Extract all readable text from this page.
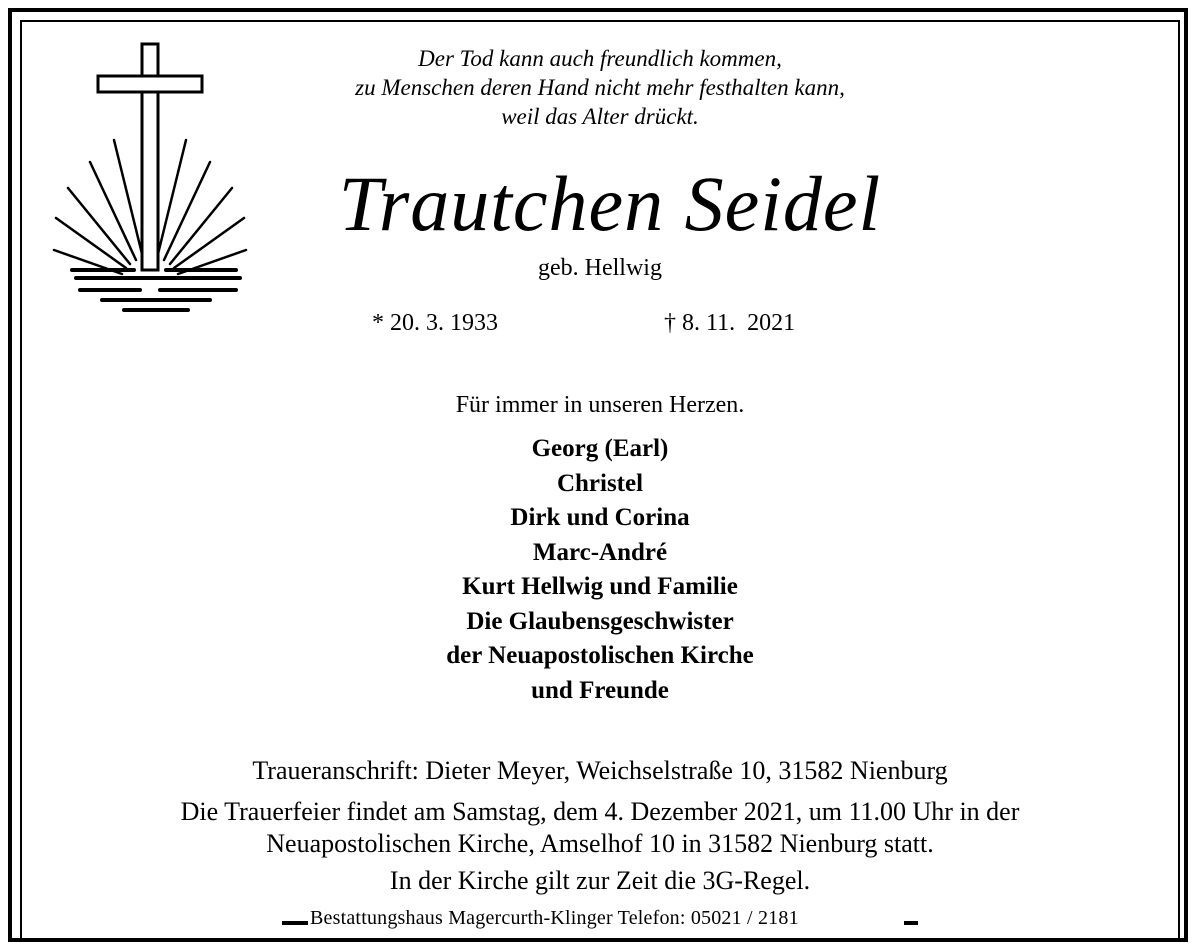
Der Tod kann auch freundlich kommen,
zu Menschen deren Hand nicht mehr festhalten kann,
weil das Alter drückt.
Trautchen Seidel
geb. Hellwig
* 20. 3. 1933	† 8. 11.  2021
Für immer in unseren Herzen.
Georg (Earl)
Christel
Dirk und Corina
Marc-André
Kurt Hellwig und Familie
Die Glaubensgeschwister
der Neuapostolischen Kirche
und Freunde
Traueranschrift: Dieter Meyer, Weichselstraße 10, 31582 Nienburg
Die Trauerfeier findet am Samstag, dem 4. Dezember 2021, um 11.00 Uhr in der
Neuapostolischen Kirche, Amselhof 10 in 31582 Nienburg statt.
In der Kirche gilt zur Zeit die 3G-Regel.
Bestattungshaus Magercurth-Klinger Telefon: 05021 / 2181
